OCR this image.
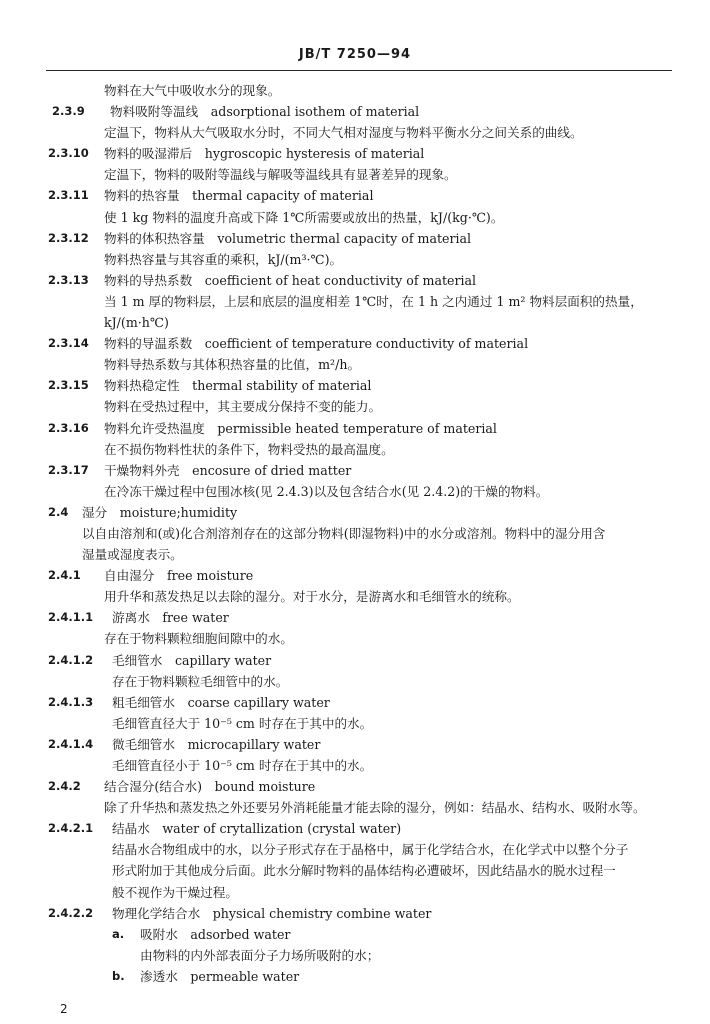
JB/T 7250—94
物料在大气中吸收水分的现象。
2.3.9 物料吸附等温线　adsorptional isothem of material
定温下，物料从大气吸取水分时，不同大气相对湿度与物料平衡水分之间关系的曲线。
2.3.10 物料的吸湿滞后　hygroscopic hysteresis of material
定温下，物料的吸附等温线与解吸等温线具有显著差异的现象。
2.3.11 物料的热容量　thermal capacity of material
使 1 kg 物料的温度升高或下降 1℃所需要或放出的热量，kJ/(kg·℃)。
2.3.12 物料的体积热容量　volumetric thermal capacity of material
物料热容量与其容重的乘积，kJ/(m³·℃)。
2.3.13 物料的导热系数　coefficient of heat conductivity of material
当 1 m 厚的物料层，上层和底层的温度相差 1℃时，在 1 h 之内通过 1 m² 物料层面积的热量，
kJ/(m·h℃)
2.3.14 物料的导温系数　coefficient of temperature conductivity of material
物料导热系数与其体积热容量的比值，m²/h。
2.3.15 物料热稳定性　thermal stability of material
物料在受热过程中，其主要成分保持不变的能力。
2.3.16 物料允许受热温度　permissible heated temperature of material
在不损伤物料性状的条件下，物料受热的最高温度。
2.3.17 干燥物料外壳　encosure of dried matter
在冷冻干燥过程中包围冰核(见 2.4.3)以及包含结合水(见 2.4.2)的干燥的物料。
2.4 湿分　moisture;humidity
以自由溶剂和(或)化合剂溶剂存在的这部分物料(即湿物料)中的水分或溶剂。物料中的湿分用含
湿量或湿度表示。
2.4.1 自由湿分　free moisture
用升华和蒸发热足以去除的湿分。对于水分，是游离水和毛细管水的统称。
2.4.1.1 游离水　free water
存在于物料颗粒细胞间隙中的水。
2.4.1.2 毛细管水　capillary water
存在于物料颗粒毛细管中的水。
2.4.1.3 粗毛细管水　coarse capillary water
毛细管直径大于 10⁻⁵ cm 时存在于其中的水。
2.4.1.4 微毛细管水　microcapillary water
毛细管直径小于 10⁻⁵ cm 时存在于其中的水。
2.4.2 结合湿分(结合水)　bound moisture
除了升华热和蒸发热之外还要另外消耗能量才能去除的湿分，例如：结晶水、结构水、吸附水等。
2.4.2.1 结晶水　water of crytallization (crystal water)
结晶水合物组成中的水，以分子形式存在于晶格中，属于化学结合水，在化学式中以整个分子
形式附加于其他成分后面。此水分解时物料的晶体结构必遭破坏，因此结晶水的脱水过程一
般不视作为干燥过程。
2.4.2.2 物理化学结合水　physical chemistry combine water
a. 吸附水　adsorbed water
由物料的内外部表面分子力场所吸附的水；
b. 渗透水　permeable water
2
